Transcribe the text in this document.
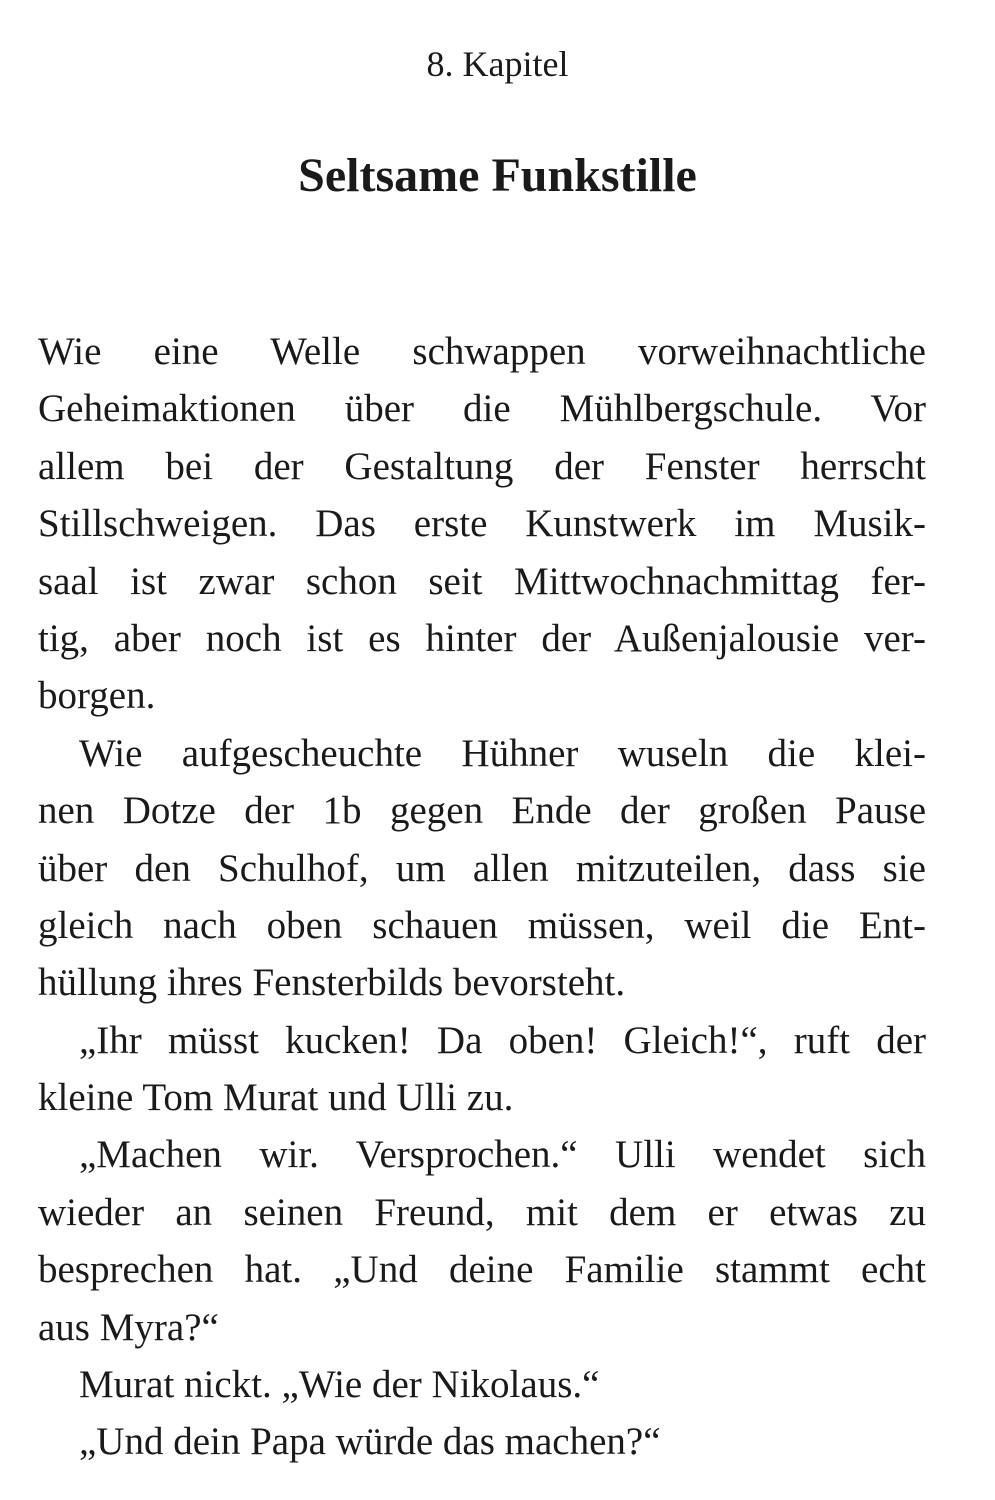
8. Kapitel
Seltsame Funkstille
Wie eine Welle schwappen vorweihnachtliche
Geheimaktionen über die Mühlbergschule. Vor
allem bei der Gestaltung der Fenster herrscht
Stillschweigen. Das erste Kunstwerk im Musik-
saal ist zwar schon seit Mittwochnachmittag fer-
tig, aber noch ist es hinter der Außenjalousie ver-
borgen.
Wie aufgescheuchte Hühner wuseln die klei-
nen Dotze der 1b gegen Ende der großen Pause
über den Schulhof, um allen mitzuteilen, dass sie
gleich nach oben schauen müssen, weil die Ent-
hüllung ihres Fensterbilds bevorsteht.
„Ihr müsst kucken! Da oben! Gleich!“, ruft der
kleine Tom Murat und Ulli zu.
„Machen wir. Versprochen.“ Ulli wendet sich
wieder an seinen Freund, mit dem er etwas zu
besprechen hat. „Und deine Familie stammt echt
aus Myra?“
Murat nickt. „Wie der Nikolaus.“
„Und dein Papa würde das machen?“
